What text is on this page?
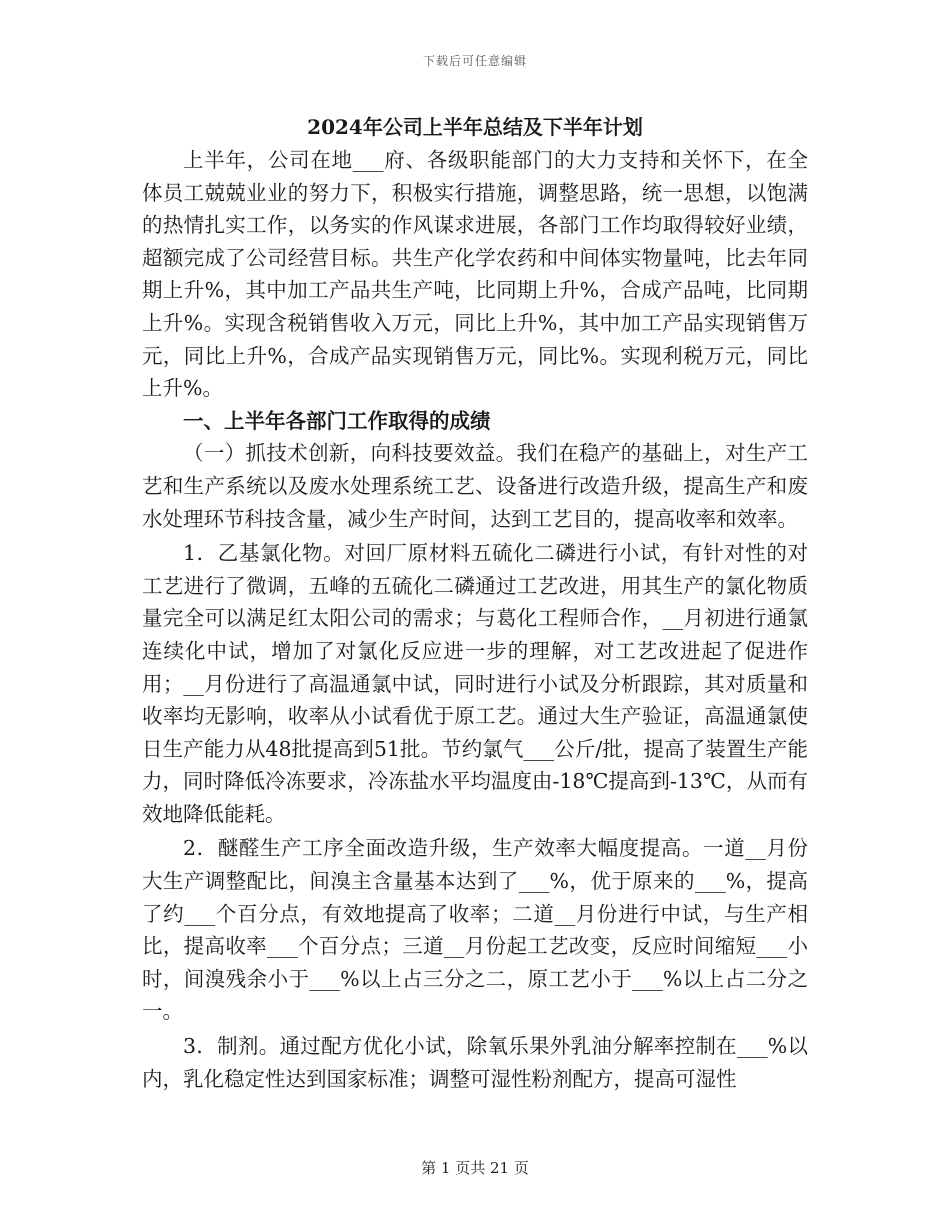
下载后可任意编辑
2024年公司上半年总结及下半年计划

上半年，公司在地___府、各级职能部门的大力支持和关怀下，在全体员工兢兢业业的努力下，积极实行措施，调整思路，统一思想，以饱满的热情扎实工作，以务实的作风谋求进展，各部门工作均取得较好业绩，超额完成了公司经营目标。共生产化学农药和中间体实物量吨，比去年同期上升%，其中加工产品共生产吨，比同期上升%，合成产品吨，比同期上升%。实现含税销售收入万元，同比上升%，其中加工产品实现销售万元，同比上升%，合成产品实现销售万元，同比%。实现利税万元，同比上升%。

一、上半年各部门工作取得的成绩

（一）抓技术创新，向科技要效益。我们在稳产的基础上，对生产工艺和生产系统以及废水处理系统工艺、设备进行改造升级，提高生产和废水处理环节科技含量，减少生产时间，达到工艺目的，提高收率和效率。

1．乙基氯化物。对回厂原材料五硫化二磷进行小试，有针对性的对工艺进行了微调，五峰的五硫化二磷通过工艺改进，用其生产的氯化物质量完全可以满足红太阳公司的需求；与葛化工程师合作，__月初进行通氯连续化中试，增加了对氯化反应进一步的理解，对工艺改进起了促进作用；__月份进行了高温通氯中试，同时进行小试及分析跟踪，其对质量和收率均无影响，收率从小试看优于原工艺。通过大生产验证，高温通氯使日生产能力从48批提高到51批。节约氯气___公斤/批，提高了装置生产能力，同时降低冷冻要求，冷冻盐水平均温度由-18℃提高到-13℃，从而有效地降低能耗。

2．醚醛生产工序全面改造升级，生产效率大幅度提高。一道__月份大生产调整配比，间溴主含量基本达到了___%，优于原来的___%，提高了约___个百分点，有效地提高了收率；二道__月份进行中试，与生产相比，提高收率___个百分点；三道__月份起工艺改变，反应时间缩短___小时，间溴残余小于___%以上占三分之二，原工艺小于___%以上占二分之一。

3．制剂。通过配方优化小试，除氧乐果外乳油分解率控制在___%以内，乳化稳定性达到国家标准；调整可湿性粉剂配方，提高可湿性

第 1 页共 21 页
